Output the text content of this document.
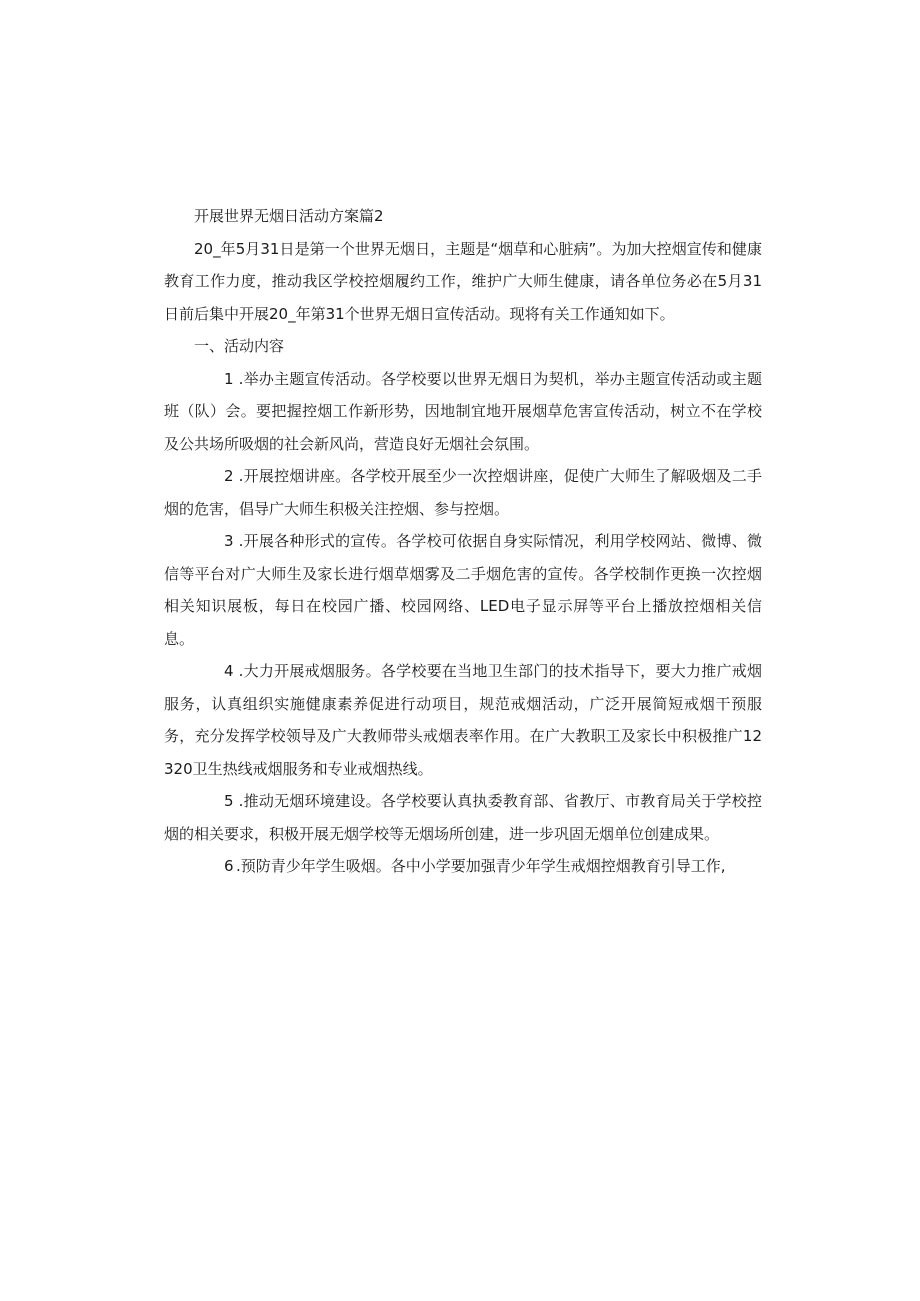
开展世界无烟日活动方案篇2

20_年5月31日是第一个世界无烟日，主题是“烟草和心脏病”。为加大控烟宣传和健康教育工作力度，推动我区学校控烟履约工作，维护广大师生健康，请各单位务必在5月31日前后集中开展20_年第31个世界无烟日宣传活动。现将有关工作通知如下。

一、活动内容

1 .举办主题宣传活动。各学校要以世界无烟日为契机，举办主题宣传活动或主题班（队）会。要把握控烟工作新形势，因地制宜地开展烟草危害宣传活动，树立不在学校及公共场所吸烟的社会新风尚，营造良好无烟社会氛围。

2 .开展控烟讲座。各学校开展至少一次控烟讲座，促使广大师生了解吸烟及二手烟的危害，倡导广大师生积极关注控烟、参与控烟。

3 .开展各种形式的宣传。各学校可依据自身实际情况，利用学校网站、微博、微信等平台对广大师生及家长进行烟草烟雾及二手烟危害的宣传。各学校制作更换一次控烟相关知识展板，每日在校园广播、校园网络、LED电子显示屏等平台上播放控烟相关信息。

4 .大力开展戒烟服务。各学校要在当地卫生部门的技术指导下，要大力推广戒烟服务，认真组织实施健康素养促进行动项目，规范戒烟活动，广泛开展简短戒烟干预服务，充分发挥学校领导及广大教师带头戒烟表率作用。在广大教职工及家长中积极推广12320卫生热线戒烟服务和专业戒烟热线。

5 .推动无烟环境建设。各学校要认真执委教育部、省教厅、市教育局关于学校控烟的相关要求，积极开展无烟学校等无烟场所创建，进一步巩固无烟单位创建成果。

6 .预防青少年学生吸烟。各中小学要加强青少年学生戒烟控烟教育引导工作,
